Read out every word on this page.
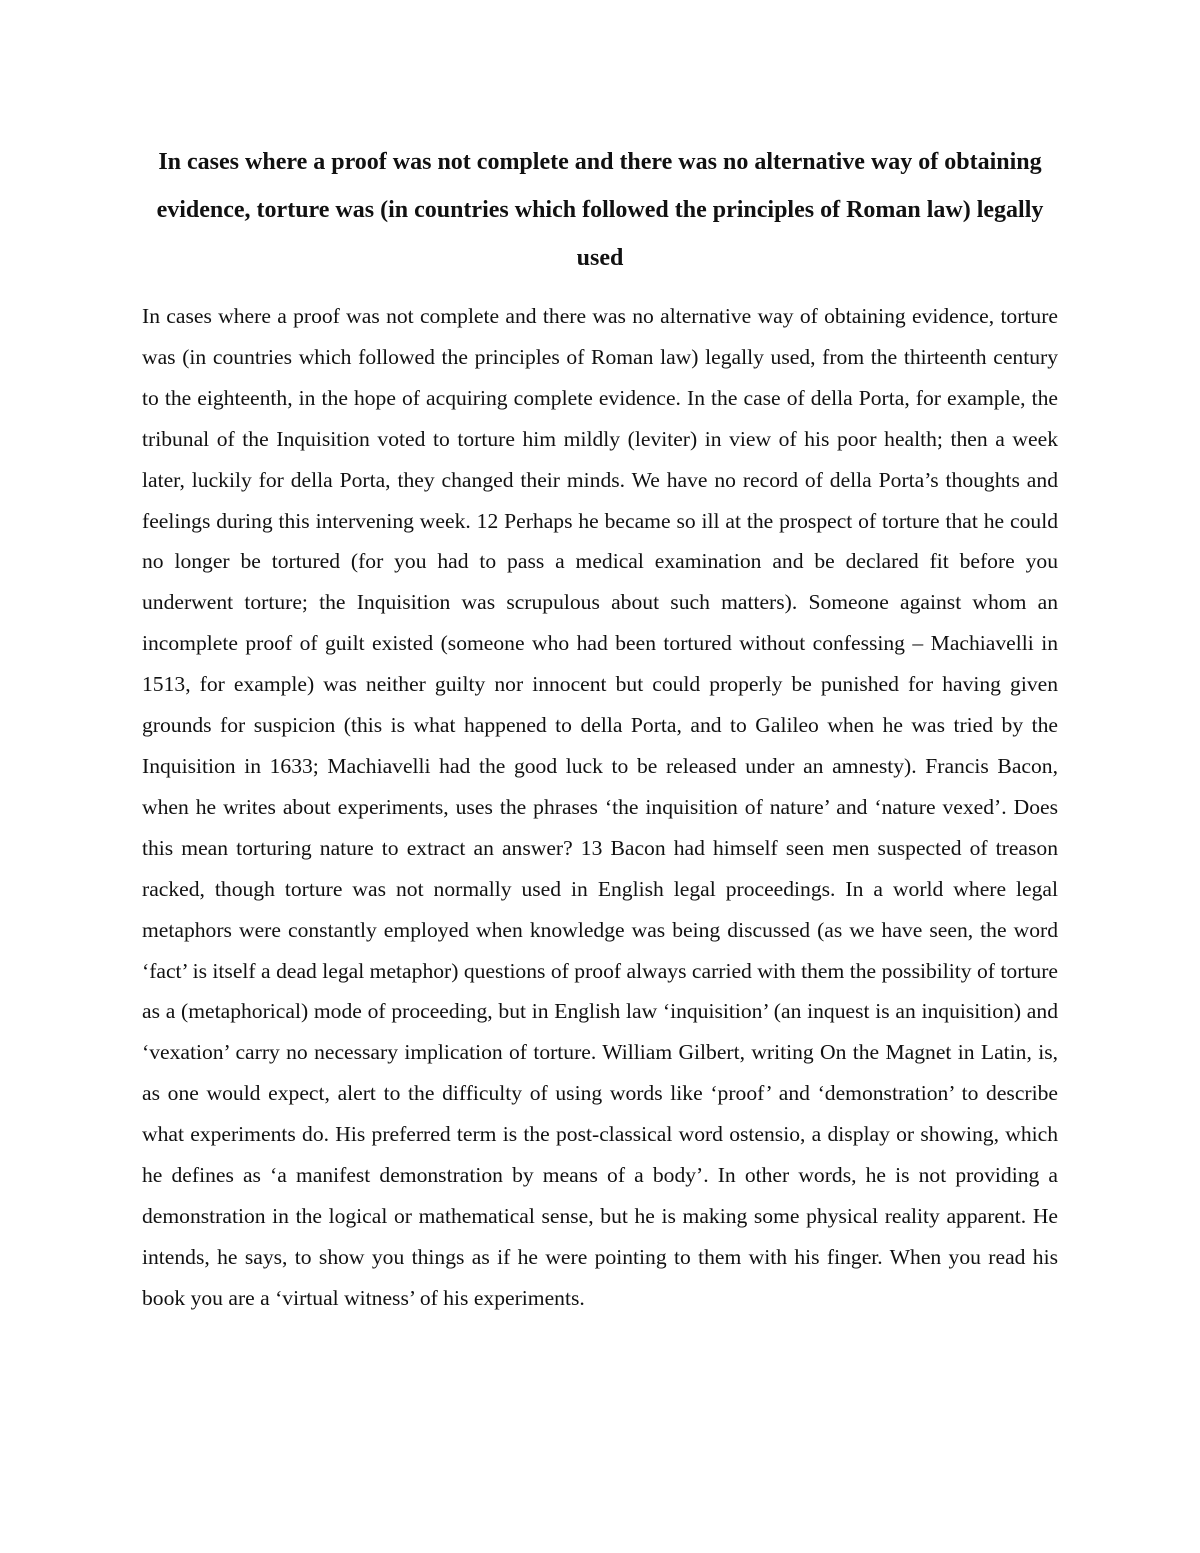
In cases where a proof was not complete and there was no alternative way of obtaining evidence, torture was (in countries which followed the principles of Roman law) legally used

In cases where a proof was not complete and there was no alternative way of obtaining evidence, torture was (in countries which followed the principles of Roman law) legally used, from the thirteenth century to the eighteenth, in the hope of acquiring complete evidence. In the case of della Porta, for example, the tribunal of the Inquisition voted to torture him mildly (leviter) in view of his poor health; then a week later, luckily for della Porta, they changed their minds. We have no record of della Porta’s thoughts and feelings during this intervening week. 12 Perhaps he became so ill at the prospect of torture that he could no longer be tortured (for you had to pass a medical examination and be declared fit before you underwent torture; the Inquisition was scrupulous about such matters). Someone against whom an incomplete proof of guilt existed (someone who had been tortured without confessing – Machiavelli in 1513, for example) was neither guilty nor innocent but could properly be punished for having given grounds for suspicion (this is what happened to della Porta, and to Galileo when he was tried by the Inquisition in 1633; Machiavelli had the good luck to be released under an amnesty). Francis Bacon, when he writes about experiments, uses the phrases ‘the inquisition of nature’ and ‘nature vexed’. Does this mean torturing nature to extract an answer? 13 Bacon had himself seen men suspected of treason racked, though torture was not normally used in English legal proceedings. In a world where legal metaphors were constantly employed when knowledge was being discussed (as we have seen, the word ‘fact’ is itself a dead legal metaphor) questions of proof always carried with them the possibility of torture as a (metaphorical) mode of proceeding, but in English law ‘inquisition’ (an inquest is an inquisition) and ‘vexation’ carry no necessary implication of torture. William Gilbert, writing On the Magnet in Latin, is, as one would expect, alert to the difficulty of using words like ‘proof’ and ‘demonstration’ to describe what experiments do. His preferred term is the post-classical word ostensio, a display or showing, which he defines as ‘a manifest demonstration by means of a body’. In other words, he is not providing a demonstration in the logical or mathematical sense, but he is making some physical reality apparent. He intends, he says, to show you things as if he were pointing to them with his finger. When you read his book you are a ‘virtual witness’ of his experiments.
